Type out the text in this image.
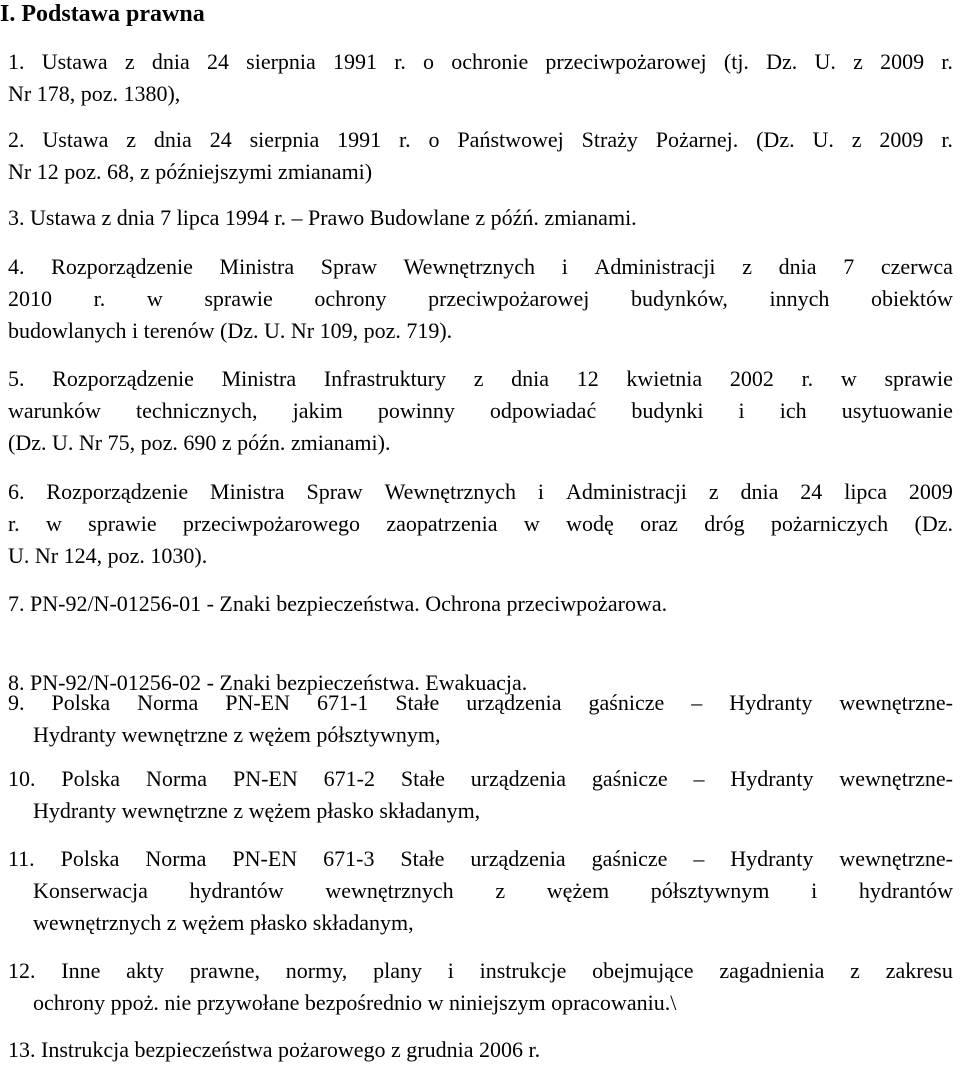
I. Podstawa prawna
1. Ustawa z dnia 24 sierpnia 1991 r. o ochronie przeciwpożarowej (tj. Dz. U. z 2009 r.
Nr 178, poz. 1380),
2. Ustawa z dnia 24 sierpnia 1991 r. o Państwowej Straży Pożarnej. (Dz. U. z 2009 r.
Nr 12 poz. 68, z późniejszymi zmianami)
3. Ustawa z dnia 7 lipca 1994 r. – Prawo Budowlane z późń. zmianami.
4. Rozporządzenie Ministra Spraw Wewnętrznych i Administracji z dnia 7 czerwca
2010 r. w sprawie ochrony przeciwpożarowej budynków, innych obiektów
budowlanych i terenów (Dz. U. Nr 109, poz. 719).
5. Rozporządzenie Ministra Infrastruktury z dnia 12 kwietnia 2002 r. w sprawie
warunków technicznych, jakim powinny odpowiadać budynki i ich usytuowanie
(Dz. U. Nr 75, poz. 690 z późn. zmianami).
6. Rozporządzenie Ministra Spraw Wewnętrznych i Administracji z dnia 24 lipca 2009
r. w sprawie przeciwpożarowego zaopatrzenia w wodę oraz dróg pożarniczych (Dz.
U. Nr 124, poz. 1030).
7. PN-92/N-01256-01 - Znaki bezpieczeństwa. Ochrona przeciwpożarowa.
8. PN-92/N-01256-02 - Znaki bezpieczeństwa. Ewakuacja.
9. Polska Norma PN-EN 671-1 Stałe urządzenia gaśnicze – Hydranty wewnętrzne-
Hydranty wewnętrzne z wężem półsztywnym,
10. Polska Norma PN-EN 671-2 Stałe urządzenia gaśnicze – Hydranty wewnętrzne-
Hydranty wewnętrzne z wężem płasko składanym,
11. Polska Norma PN-EN 671-3 Stałe urządzenia gaśnicze – Hydranty wewnętrzne-
Konserwacja hydrantów wewnętrznych z wężem półsztywnym i hydrantów
wewnętrznych z wężem płasko składanym,
12. Inne akty prawne, normy, plany i instrukcje obejmujące zagadnienia z zakresu
ochrony ppoż. nie przywołane bezpośrednio w niniejszym opracowaniu.\
13. Instrukcja bezpieczeństwa pożarowego z grudnia 2006 r.
